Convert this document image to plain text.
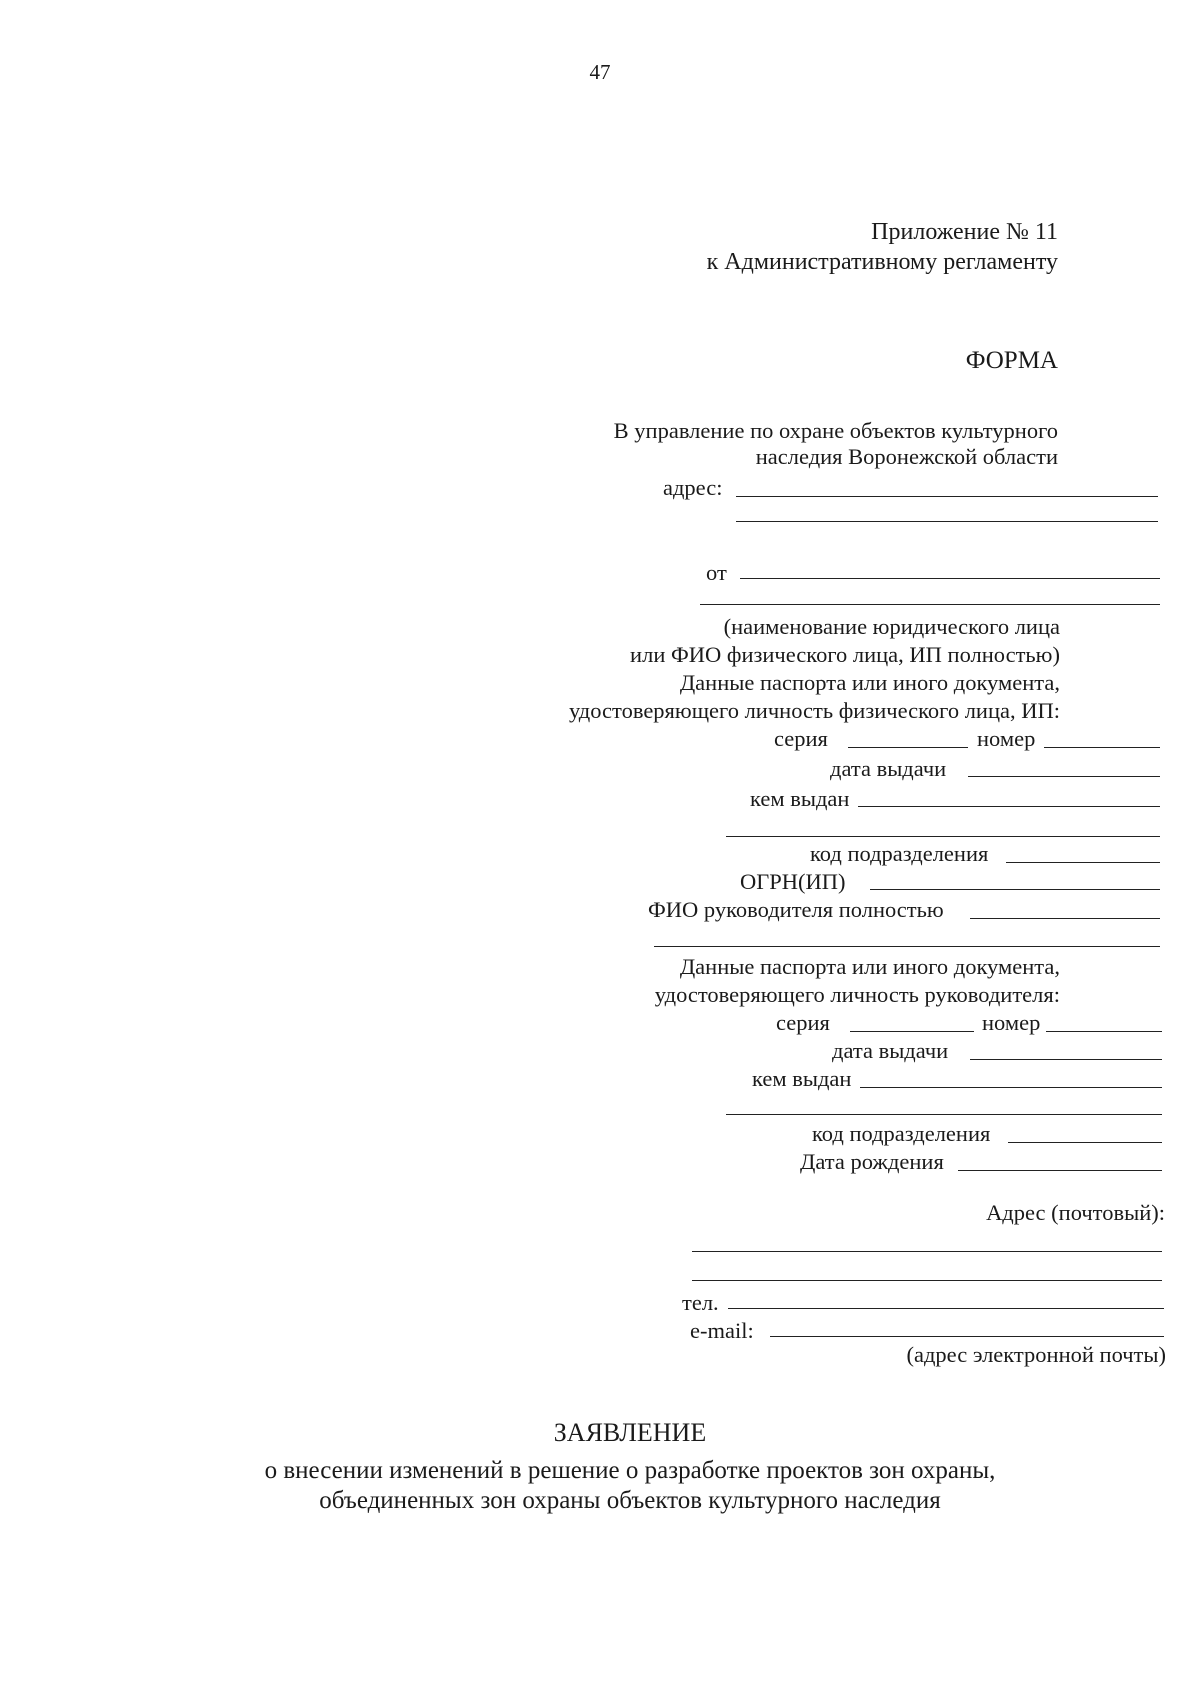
47
Приложение № 11
к Административному регламенту
ФОРМА
В управление по охране объектов культурного
наследия Воронежской области
адрес:
от
(наименование юридического лица
или ФИО физического лица, ИП полностью)
Данные паспорта или иного документа,
удостоверяющего личность физического лица, ИП:
серия	номер
дата выдачи
кем выдан
код подразделения
ОГРН(ИП)
ФИО руководителя полностью
Данные паспорта или иного документа,
удостоверяющего личность руководителя:
серия	номер
дата выдачи
кем выдан
код подразделения
Дата рождения
Адрес (почтовый):
тел.
e-mail:
(адрес электронной почты)
ЗАЯВЛЕНИЕ
о внесении изменений в решение о разработке проектов зон охраны,
объединенных зон охраны объектов культурного наследия
